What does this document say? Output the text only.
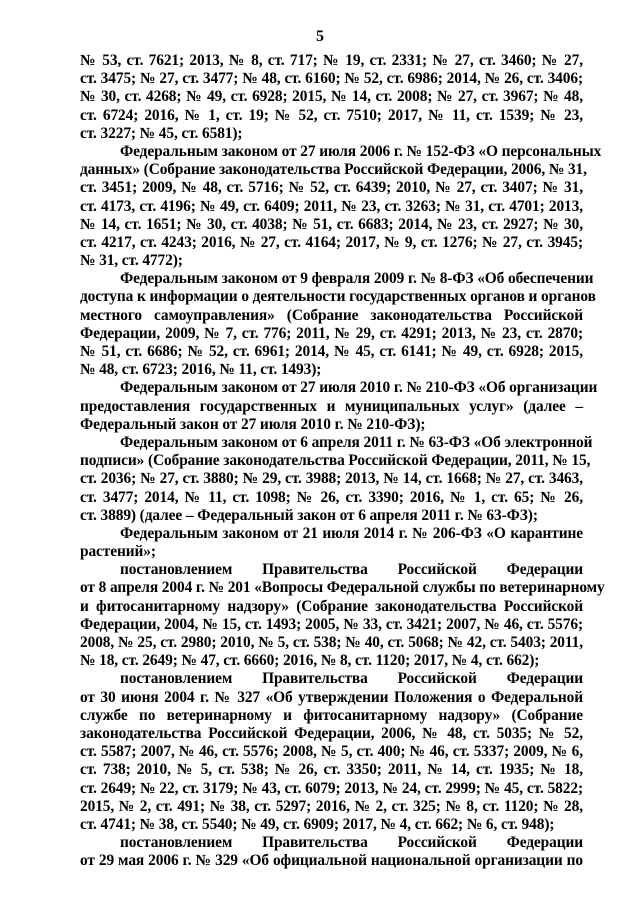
5
№ 53, ст. 7621; 2013, № 8, ст. 717; № 19, ст. 2331; № 27, ст. 3460; № 27,
ст. 3475; № 27, ст. 3477; № 48, ст. 6160; № 52, ст. 6986; 2014, № 26, ст. 3406;
№ 30, ст. 4268; № 49, ст. 6928; 2015, № 14, ст. 2008; № 27, ст. 3967; № 48,
ст. 6724; 2016, № 1, ст. 19; № 52, ст. 7510; 2017, № 11, ст. 1539; № 23,
ст. 3227; № 45, ст. 6581);
Федеральным законом от 27 июля 2006 г. № 152-ФЗ «О персональных
данных» (Собрание законодательства Российской Федерации, 2006, № 31,
ст. 3451; 2009, № 48, ст. 5716; № 52, ст. 6439; 2010, № 27, ст. 3407; № 31,
ст. 4173, ст. 4196; № 49, ст. 6409; 2011, № 23, ст. 3263; № 31, ст. 4701; 2013,
№ 14, ст. 1651; № 30, ст. 4038; № 51, ст. 6683; 2014, № 23, ст. 2927; № 30,
ст. 4217, ст. 4243; 2016, № 27, ст. 4164; 2017, № 9, ст. 1276; № 27, ст. 3945;
№ 31, ст. 4772);
Федеральным законом от 9 февраля 2009 г. № 8-ФЗ «Об обеспечении
доступа к информации о деятельности государственных органов и органов
местного самоуправления» (Собрание законодательства Российской
Федерации, 2009, № 7, ст. 776; 2011, № 29, ст. 4291; 2013, № 23, ст. 2870;
№ 51, ст. 6686; № 52, ст. 6961; 2014, № 45, ст. 6141; № 49, ст. 6928; 2015,
№ 48, ст. 6723; 2016, № 11, ст. 1493);
Федеральным законом от 27 июля 2010 г. № 210-ФЗ «Об организации
предоставления государственных и муниципальных услуг» (далее –
Федеральный закон от 27 июля 2010 г. № 210-ФЗ);
Федеральным законом от 6 апреля 2011 г. № 63-ФЗ «Об электронной
подписи» (Собрание законодательства Российской Федерации, 2011, № 15,
ст. 2036; № 27, ст. 3880; № 29, ст. 3988; 2013, № 14, ст. 1668; № 27, ст. 3463,
ст. 3477; 2014, № 11, ст. 1098; № 26, ст. 3390; 2016, № 1, ст. 65; № 26,
ст. 3889) (далее – Федеральный закон от 6 апреля 2011 г. № 63-ФЗ);
Федеральным законом от 21 июля 2014 г. № 206-ФЗ «О карантине
растений»;
постановлением Правительства Российской Федерации
от 8 апреля 2004 г. № 201 «Вопросы Федеральной службы по ветеринарному
и фитосанитарному надзору» (Собрание законодательства Российской
Федерации, 2004, № 15, ст. 1493; 2005, № 33, ст. 3421; 2007, № 46, ст. 5576;
2008, № 25, ст. 2980; 2010, № 5, ст. 538; № 40, ст. 5068; № 42, ст. 5403; 2011,
№ 18, ст. 2649; № 47, ст. 6660; 2016, № 8, ст. 1120; 2017, № 4, ст. 662);
постановлением Правительства Российской Федерации
от 30 июня 2004 г. № 327 «Об утверждении Положения о Федеральной
службе по ветеринарному и фитосанитарному надзору» (Собрание
законодательства Российской Федерации, 2006, № 48, ст. 5035; № 52,
ст. 5587; 2007, № 46, ст. 5576; 2008, № 5, ст. 400; № 46, ст. 5337; 2009, № 6,
ст. 738; 2010, № 5, ст. 538; № 26, ст. 3350; 2011, № 14, ст. 1935; № 18,
ст. 2649; № 22, ст. 3179; № 43, ст. 6079; 2013, № 24, ст. 2999; № 45, ст. 5822;
2015, № 2, ст. 491; № 38, ст. 5297; 2016, № 2, ст. 325; № 8, ст. 1120; № 28,
ст. 4741; № 38, ст. 5540; № 49, ст. 6909; 2017, № 4, ст. 662; № 6, ст. 948);
постановлением Правительства Российской Федерации
от 29 мая 2006 г. № 329 «Об официальной национальной организации по
